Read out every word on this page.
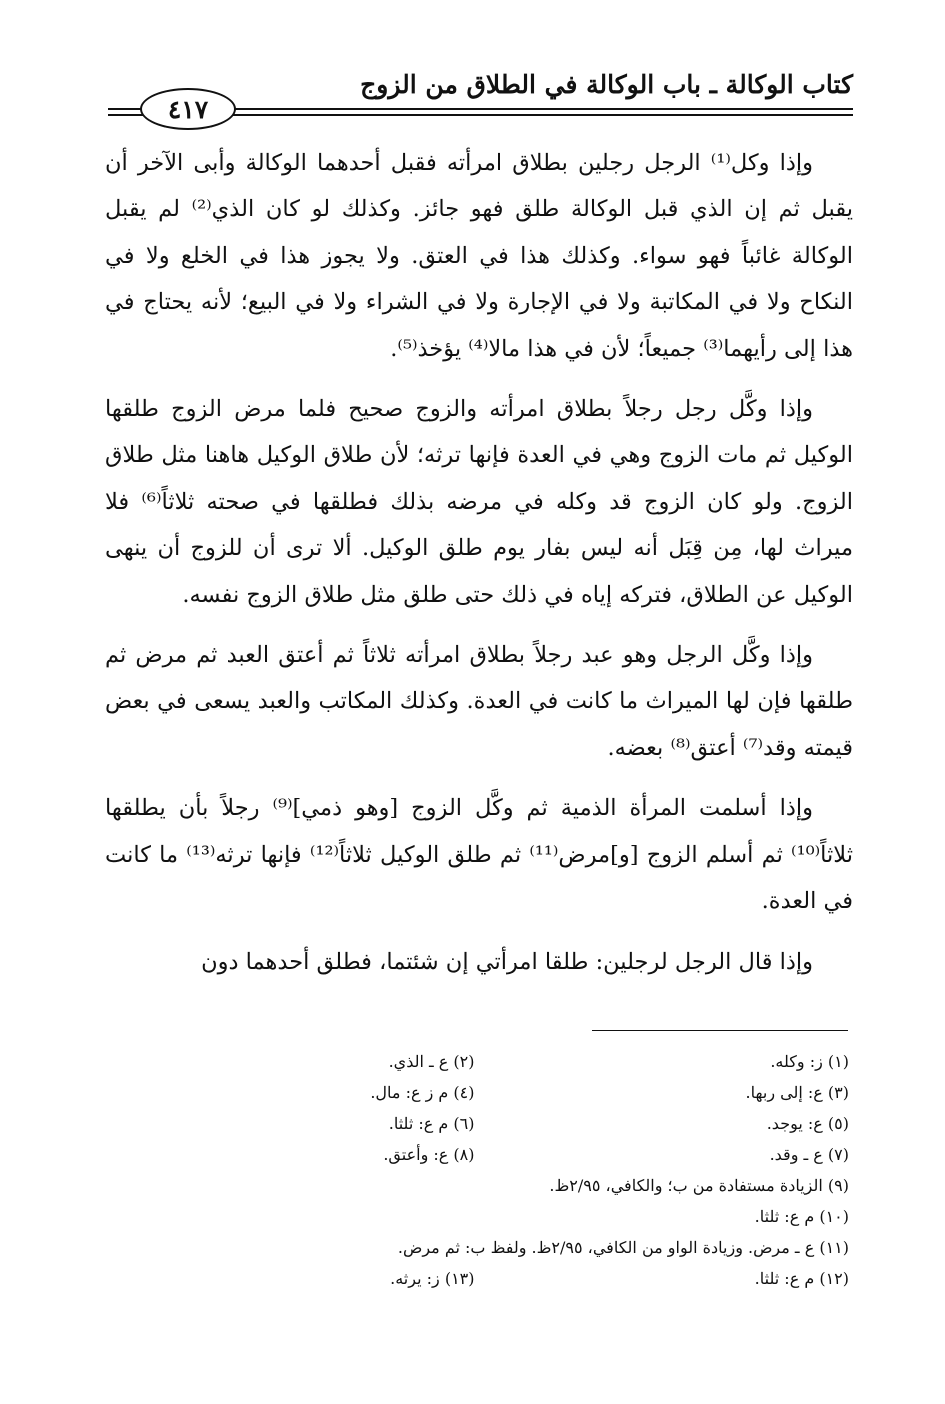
كتاب الوكالة ـ باب الوكالة في الطلاق من الزوج
٤١٧

وإذا وكل⁽¹⁾ الرجل رجلين بطلاق امرأته فقبل أحدهما الوكالة وأبى الآخر أن يقبل ثم إن الذي قبل الوكالة طلق فهو جائز. وكذلك لو كان الذي⁽²⁾ لم يقبل الوكالة غائباً فهو سواء. وكذلك هذا في العتق. ولا يجوز هذا في الخلع ولا في النكاح ولا في المكاتبة ولا في الإجارة ولا في الشراء ولا في البيع؛ لأنه يحتاج في هذا إلى رأيهما⁽³⁾ جميعاً؛ لأن في هذا مالا⁽⁴⁾ يؤخذ⁽⁵⁾.

وإذا وكَّل رجل رجلاً بطلاق امرأته والزوج صحيح فلما مرض الزوج طلقها الوكيل ثم مات الزوج وهي في العدة فإنها ترثه؛ لأن طلاق الوكيل هاهنا مثل طلاق الزوج. ولو كان الزوج قد وكله في مرضه بذلك فطلقها في صحته ثلاثاً⁽⁶⁾ فلا ميراث لها، مِن قِبَل أنه ليس بفار يوم طلق الوكيل. ألا ترى أن للزوج أن ينهى الوكيل عن الطلاق، فتركه إياه في ذلك حتى طلق مثل طلاق الزوج نفسه.

وإذا وكَّل الرجل وهو عبد رجلاً بطلاق امرأته ثلاثاً ثم أعتق العبد ثم مرض ثم طلقها فإن لها الميراث ما كانت في العدة. وكذلك المكاتب والعبد يسعى في بعض قيمته وقد⁽⁷⁾ أعتق⁽⁸⁾ بعضه.

وإذا أسلمت المرأة الذمية ثم وكَّل الزوج [وهو ذمي]⁽⁹⁾ رجلاً بأن يطلقها ثلاثاً⁽¹⁰⁾ ثم أسلم الزوج [و]مرض⁽¹¹⁾ ثم طلق الوكيل ثلاثاً⁽¹²⁾ فإنها ترثه⁽¹³⁾ ما كانت في العدة.

وإذا قال الرجل لرجلين: طلقا امرأتي إن شئتما، فطلق أحدهما دون

(١) ز: وكله.
(٢) ع ـ الذي.
(٣) ع: إلى ربها.
(٤) م ز ع: مال.
(٥) ع: يوجد.
(٦) م ع: ثلثا.
(٧) ع ـ وقد.
(٨) ع: وأعتق.
(٩) الزيادة مستفادة من ب؛ والكافي، ٢/٩٥ظ.
(١٠) م ع: ثلثا.
(١١) ع ـ مرض. وزيادة الواو من الكافي، ٢/٩٥ظ. ولفظ ب: ثم مرض.
(١٢) م ع: ثلثا.
(١٣) ز: يرثه.
